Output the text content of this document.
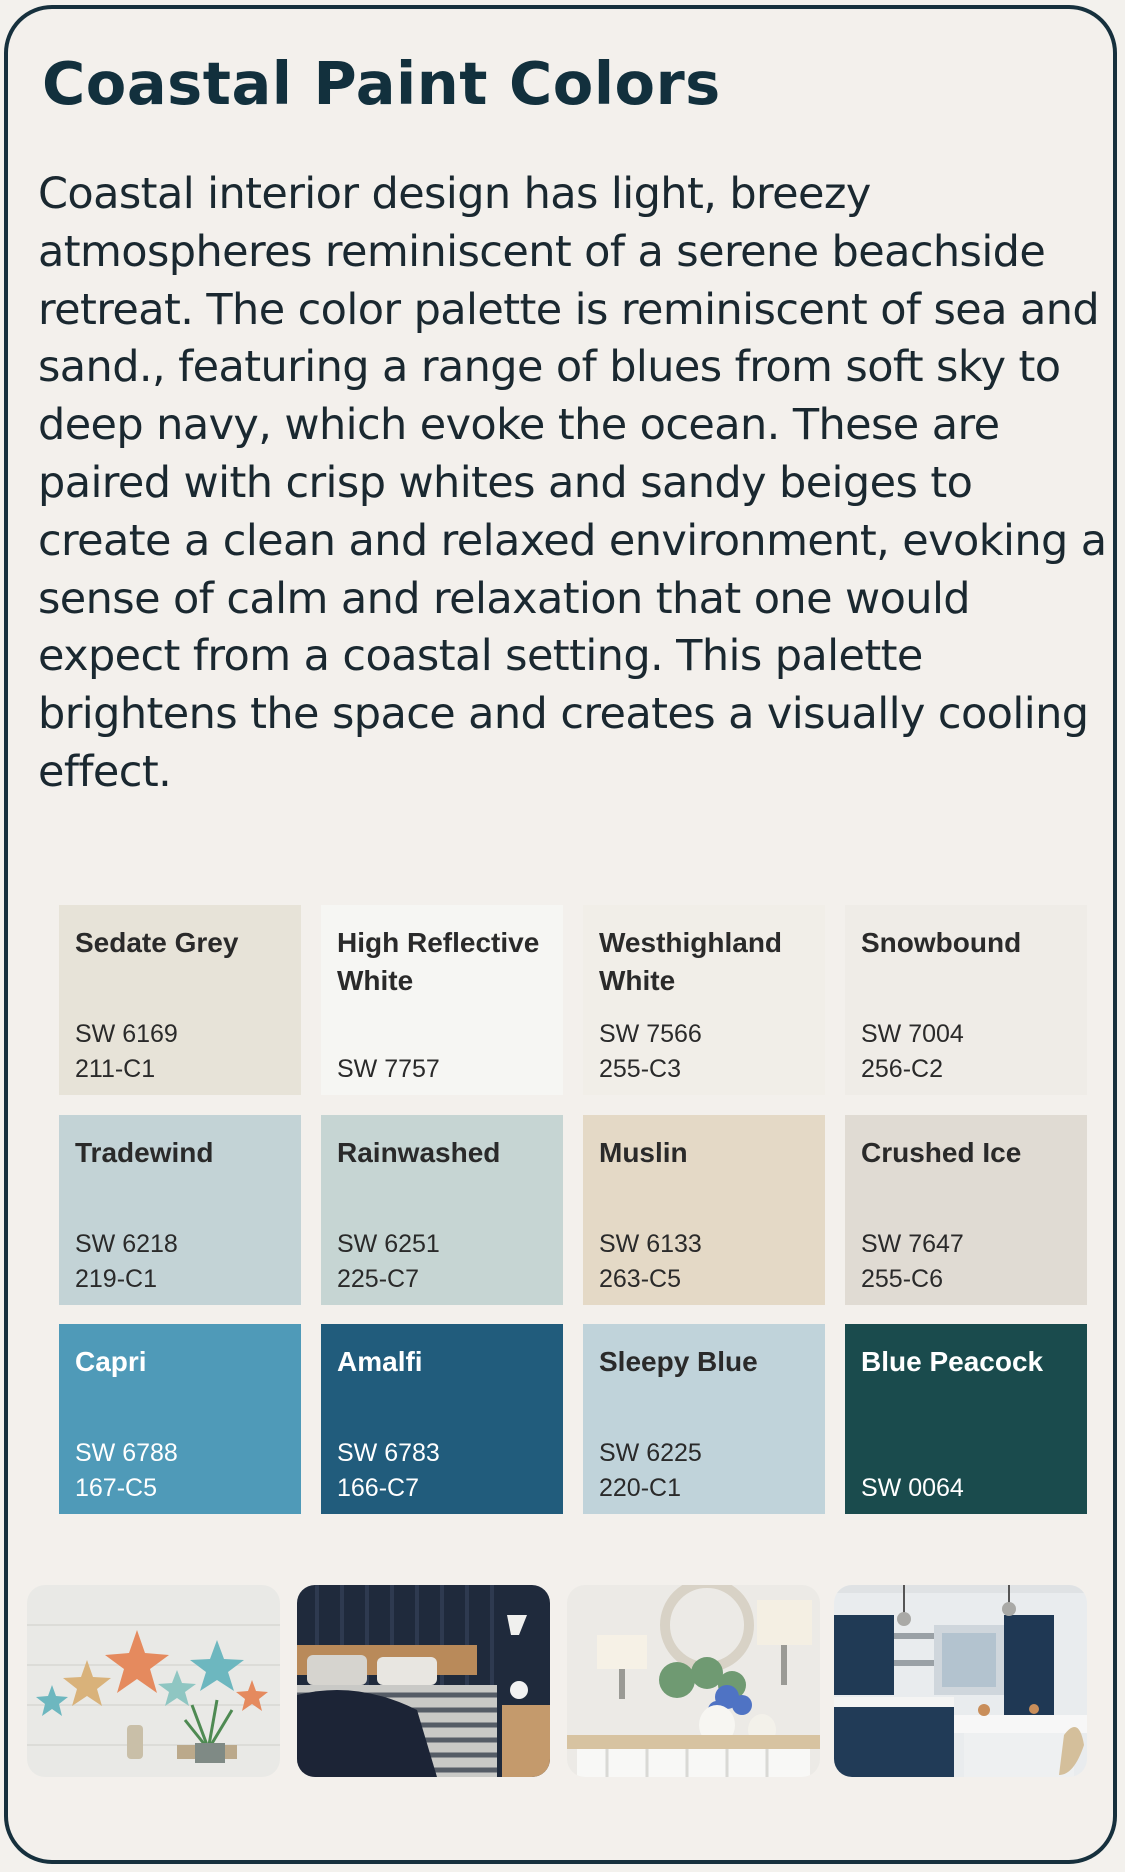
Coastal Paint Colors

Coastal interior design has light, breezy atmospheres reminiscent of a serene beachside retreat. The color palette is reminiscent of sea and sand., featuring a range of blues from soft sky to deep navy, which evoke the ocean. These are paired with crisp whites and sandy beiges to create a clean and relaxed environment, evoking a sense of calm and relaxation that one would expect from a coastal setting. This palette brightens the space and creates a visually cooling effect.

Sedate Grey
SW 6169
211-C1
High Reflective White
SW 7757
Westhighland White
SW 7566
255-C3
Snowbound
SW 7004
256-C2
Tradewind
SW 6218
219-C1
Rainwashed
SW 6251
225-C7
Muslin
SW 6133
263-C5
Crushed Ice
SW 7647
255-C6
Capri
SW 6788
167-C5
Amalfi
SW 6783
166-C7
Sleepy Blue
SW 6225
220-C1
Blue Peacock
SW 0064
